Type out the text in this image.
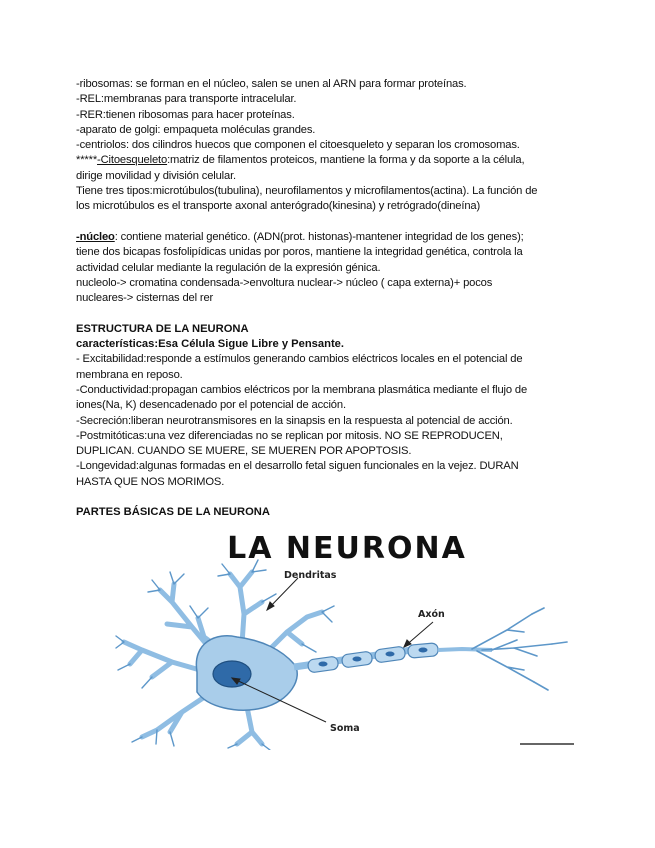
-ribosomas: se forman en el núcleo, salen se unen al ARN para formar proteínas.
-REL:membranas para transporte intracelular.
-RER:tienen ribosomas para hacer proteínas.
-aparato de golgi: empaqueta moléculas grandes.
-centriolos: dos cilindros huecos que componen el citoesqueleto y separan los cromosomas.
*****-Citoesqueleto:matriz de filamentos proteicos, mantiene la forma y da soporte a la célula,
dirige movilidad y división celular.
Tiene tres tipos:microtúbulos(tubulina), neurofilamentos y microfilamentos(actina). La función de
los microtúbulos es el transporte axonal anterógrado(kinesina) y retrógrado(dineína)
-núcleo: contiene material genético. (ADN(prot. histonas)-mantener integridad de los genes);
tiene dos bicapas fosfolipídicas unidas por poros, mantiene la integridad genética, controla la
actividad celular mediante la regulación de la expresión génica.
nucleolo-> cromatina condensada->envoltura nuclear-> núcleo ( capa externa)+ pocos
nucleares-> cisternas del rer
ESTRUCTURA DE LA NEURONA
características:Esa Célula Sigue Libre y Pensante.
- Excitabilidad:responde a estímulos generando cambios eléctricos locales en el potencial de
membrana en reposo.
-Conductividad:propagan cambios eléctricos por la membrana plasmática mediante el flujo de
iones(Na, K) desencadenado por el potencial de acción.
-Secreción:liberan neurotransmisores en la sinapsis en la respuesta al potencial de acción.
-Postmitóticas:una vez diferenciadas no se replican por mitosis. NO SE REPRODUCEN,
DUPLICAN. CUANDO SE MUERE, SE MUEREN POR APOPTOSIS.
-Longevidad:algunas formadas en el desarrollo fetal siguen funcionales en la vejez. DURAN
HASTA QUE NOS MORIMOS.
PARTES BÁSICAS DE LA NEURONA
LA NEURONA
Dendritas
Axón
Soma
